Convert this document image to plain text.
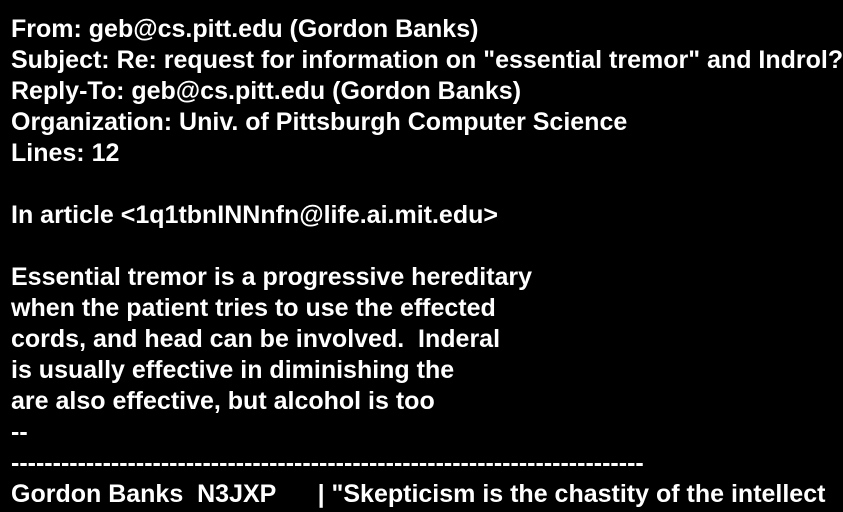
From: geb@cs.pitt.edu (Gordon Banks)

Subject: Re: request for information on "essential tremor" and Indrol?

Reply-To: geb@cs.pitt.edu (Gordon Banks)

Organization: Univ. of Pittsburgh Computer Science

Lines: 12

In article <1q1tbnINNnfn@life.ai.mit.edu>

Essential tremor is a progressive hereditary

when the patient tries to use the effected

cords, and head can be involved.  Inderal

is usually effective in diminishing the

are also effective, but alcohol is too

--

----------------------------------------------------------------------------

Gordon Banks  N3JXP      | "Skepticism is the chastity of the intellect
